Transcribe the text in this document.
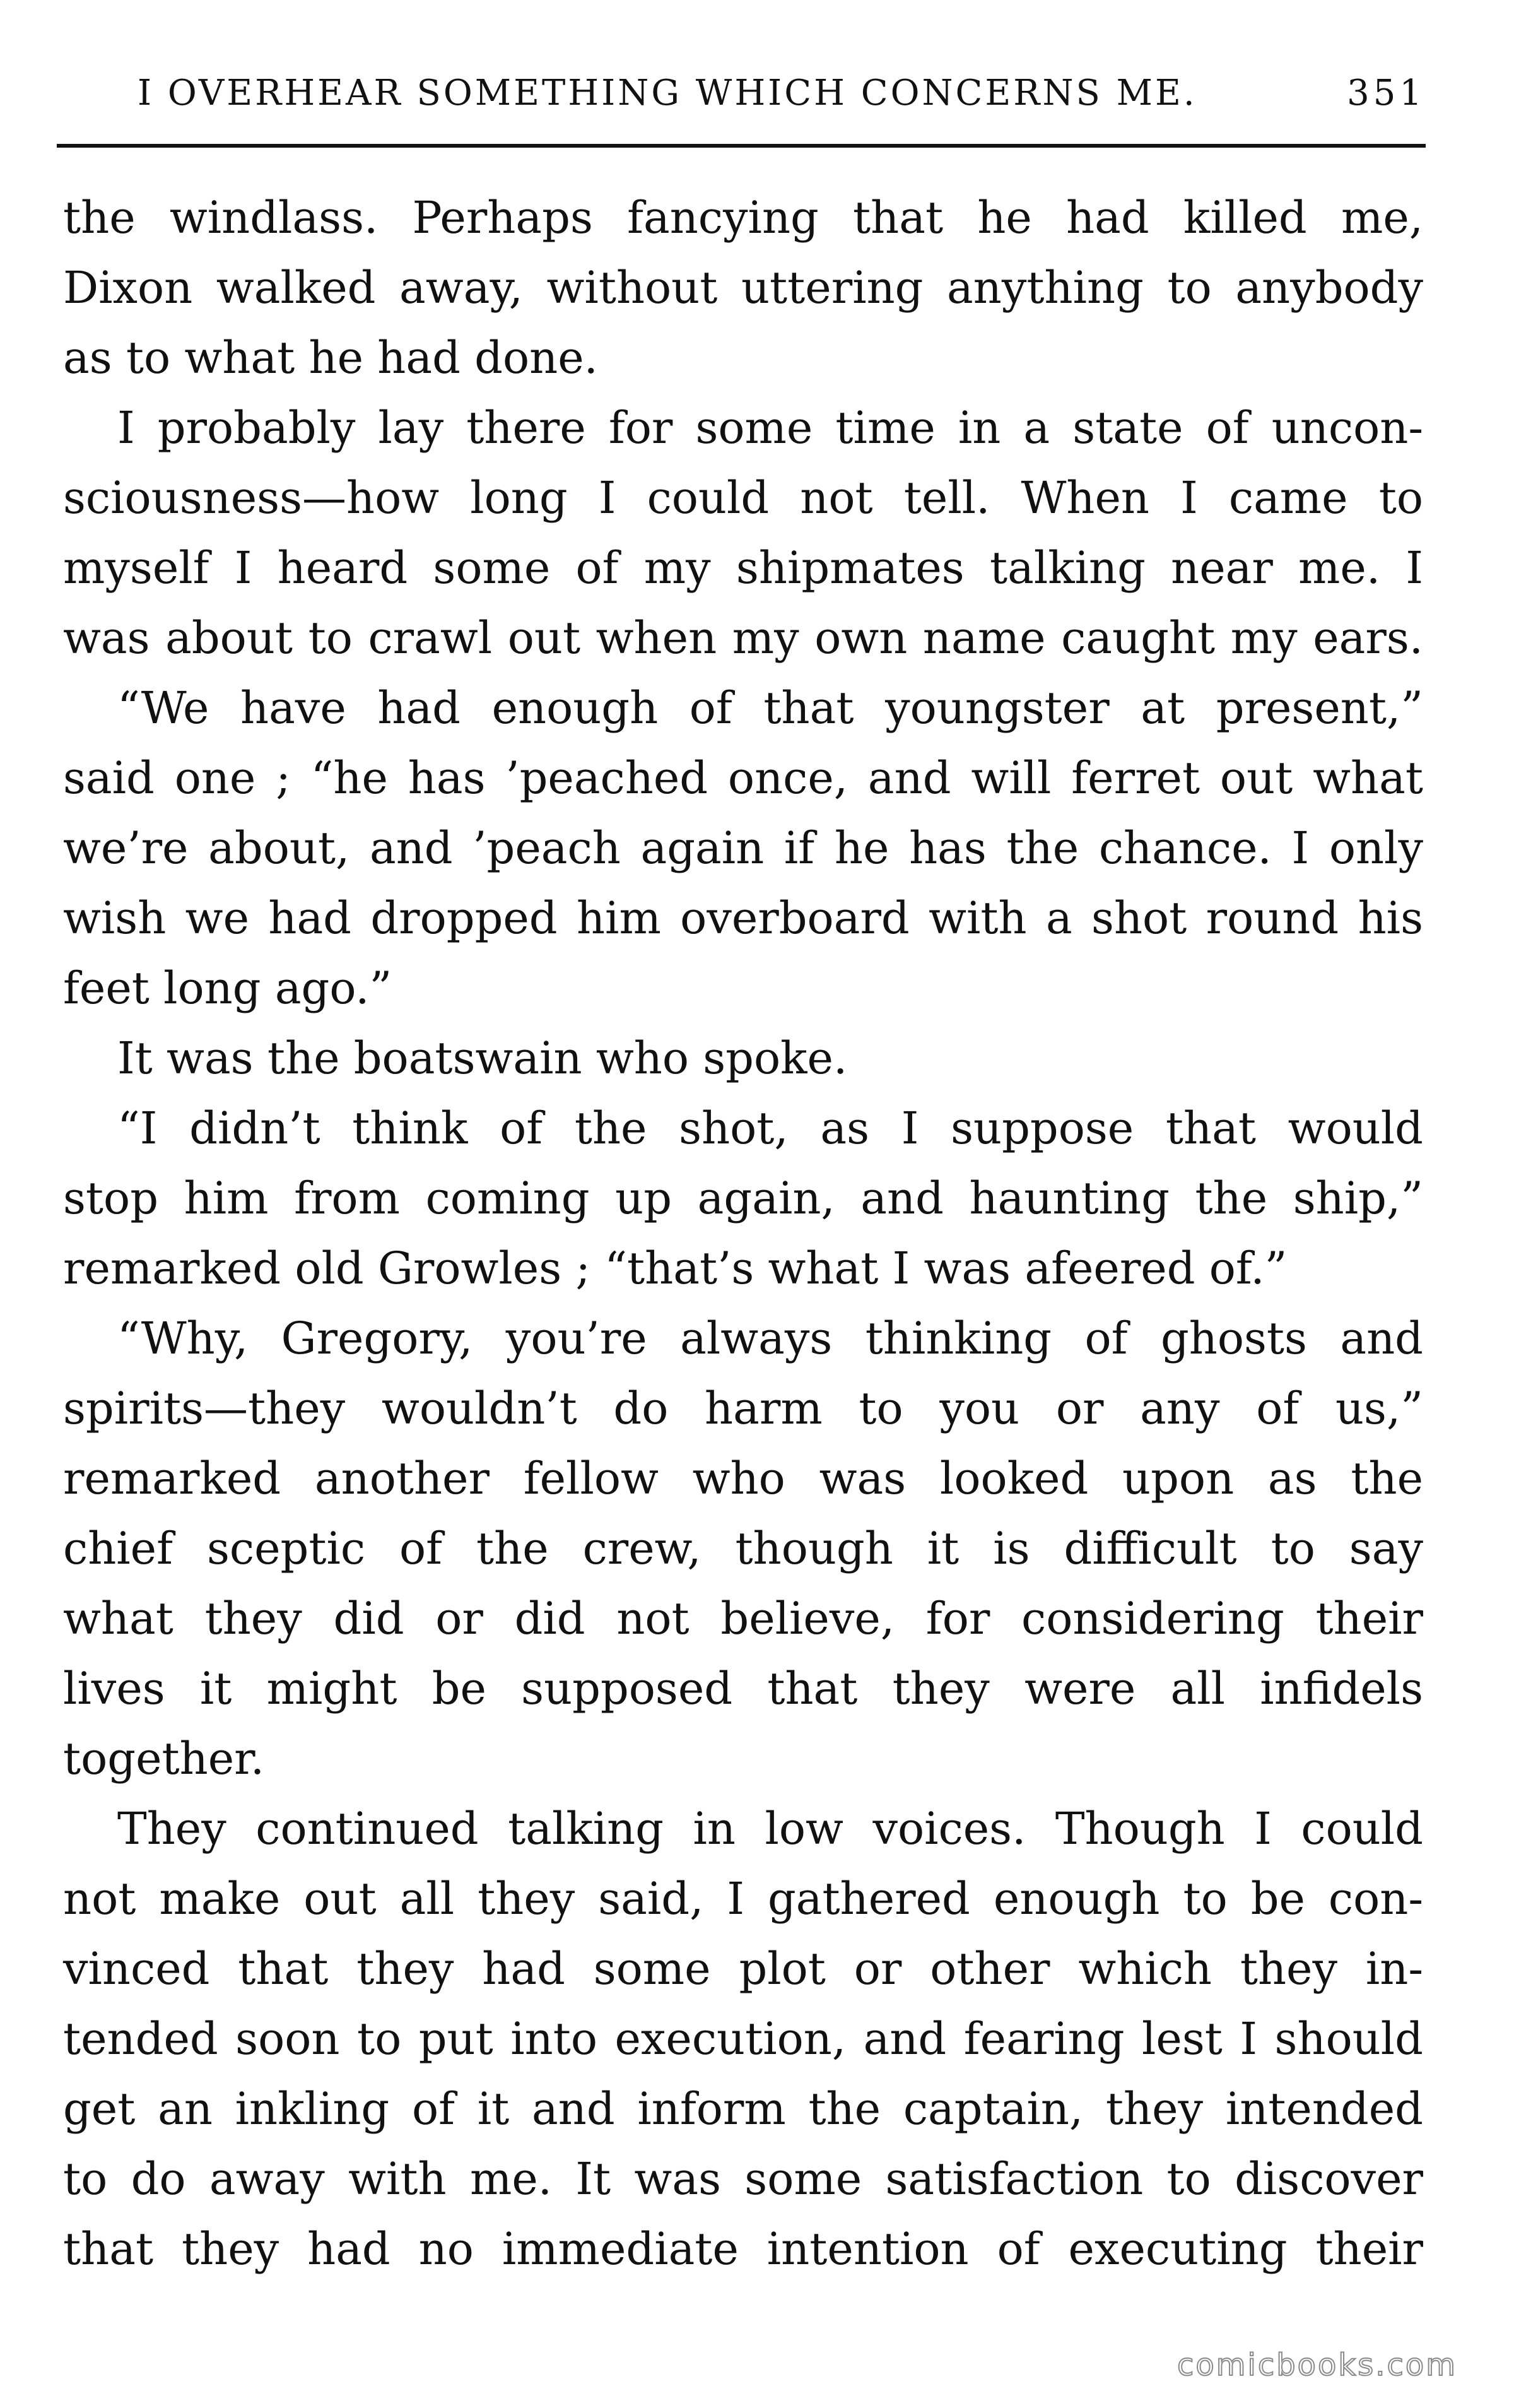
I OVERHEAR SOMETHING WHICH CONCERNS ME.	351

the windlass. Perhaps fancying that he had killed me,
Dixon walked away, without uttering anything to anybody
as to what he had done.

I probably lay there for some time in a state of uncon-
sciousness—how long I could not tell. When I came to
myself I heard some of my shipmates talking near me. I
was about to crawl out when my own name caught my ears.

“We have had enough of that youngster at present,”
said one ; “he has ’peached once, and will ferret out what
we’re about, and ’peach again if he has the chance. I only
wish we had dropped him overboard with a shot round his
feet long ago.”

It was the boatswain who spoke.

“I didn’t think of the shot, as I suppose that would
stop him from coming up again, and haunting the ship,”
remarked old Growles ; “that’s what I was afeered of.”

“Why, Gregory, you’re always thinking of ghosts and
spirits—they wouldn’t do harm to you or any of us,”
remarked another fellow who was looked upon as the
chief sceptic of the crew, though it is difficult to say
what they did or did not believe, for considering their
lives it might be supposed that they were all infidels
together.

They continued talking in low voices. Though I could
not make out all they said, I gathered enough to be con-
vinced that they had some plot or other which they in-
tended soon to put into execution, and fearing lest I should
get an inkling of it and inform the captain, they intended
to do away with me. It was some satisfaction to discover
that they had no immediate intention of executing their

comicbooks.com
